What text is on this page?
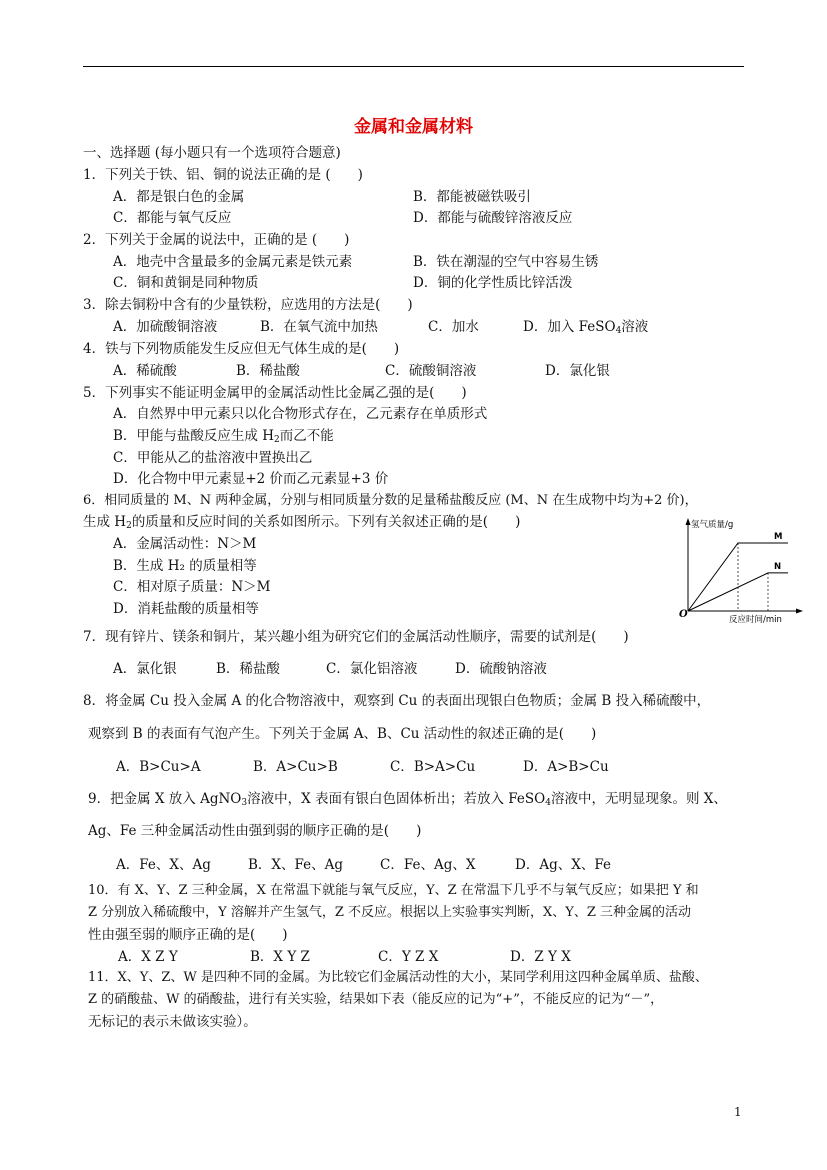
金属和金属材料
一、选择题 (每小题只有一个选项符合题意)
1．下列关于铁、铝、铜的说法正确的是 (　　)
A．都是银白色的金属	B．都能被磁铁吸引
C．都能与氧气反应	D．都能与硫酸锌溶液反应
2．下列关于金属的说法中，正确的是 (　　)
A．地壳中含量最多的金属元素是铁元素	B．铁在潮湿的空气中容易生锈
C．铜和黄铜是同种物质	D．铜的化学性质比锌活泼
3．除去铜粉中含有的少量铁粉，应选用的方法是(　　)
A．加硫酸铜溶液	B．在氧气流中加热	C．加水	D．加入 FeSO$_4$溶液
4．铁与下列物质能发生反应但无气体生成的是(　　)
A．稀硫酸	B．稀盐酸	C．硫酸铜溶液	D．氯化银
5．下列事实不能证明金属甲的金属活动性比金属乙强的是(　　)
A．自然界中甲元素只以化合物形式存在，乙元素存在单质形式
B．甲能与盐酸反应生成 $H_2$而乙不能
C．甲能从乙的盐溶液中置换出乙
D．化合物中甲元素显+2 价而乙元素显+3 价
6．相同质量的 M、N 两种金属，分别与相同质量分数的足量稀盐酸反应 (M、N 在生成物中均为+2 价)，
生成 $H_2$的质量和反应时间的关系如图所示。下列有关叙述正确的是(　　)
A．金属活动性：N＞M
B．生成 H₂ 的质量相等
C．相对原子质量：N＞M
D．消耗盐酸的质量相等
氢气质量/g
反应时间/min
O
M
N
7．现有锌片、镁条和铜片，某兴趣小组为研究它们的金属活动性顺序，需要的试剂是(　　)
A．氯化银	B．稀盐酸	C．氯化铝溶液	D．硫酸钠溶液
8．将金属 Cu 投入金属 A 的化合物溶液中，观察到 Cu 的表面出现银白色物质；金属 B 投入稀硫酸中，
观察到 B 的表面有气泡产生。下列关于金属 A、B、Cu 活动性的叙述正确的是(　　)
A．B>Cu>A	B．A>Cu>B	C．B>A>Cu	D．A>B>Cu
9．把金属 X 放入 AgNO$_3$溶液中，X 表面有银白色固体析出；若放入 FeSO$_4$溶液中，无明显现象。则 X、
Ag、Fe 三种金属活动性由强到弱的顺序正确的是(　　)
A．Fe、X、Ag	B．X、Fe、Ag	C．Fe、Ag、X	D．Ag、X、Fe
10．有 X、Y、Z 三种金属，X 在常温下就能与氧气反应，Y、Z 在常温下几乎不与氧气反应；如果把 Y 和
Z 分别放入稀硫酸中，Y 溶解并产生氢气，Z 不反应。根据以上实验事实判断，X、Y、Z 三种金属的活动
性由强至弱的顺序正确的是(　　)
A．X Z Y	B．X Y Z	C．Y Z X	D．Z Y X
11．X、Y、Z、W 是四种不同的金属。为比较它们金属活动性的大小，某同学利用这四种金属单质、盐酸、
Z 的硝酸盐、W 的硝酸盐，进行有关实验，结果如下表（能反应的记为“+”，不能反应的记为“－”，
无标记的表示未做该实验）。
1
